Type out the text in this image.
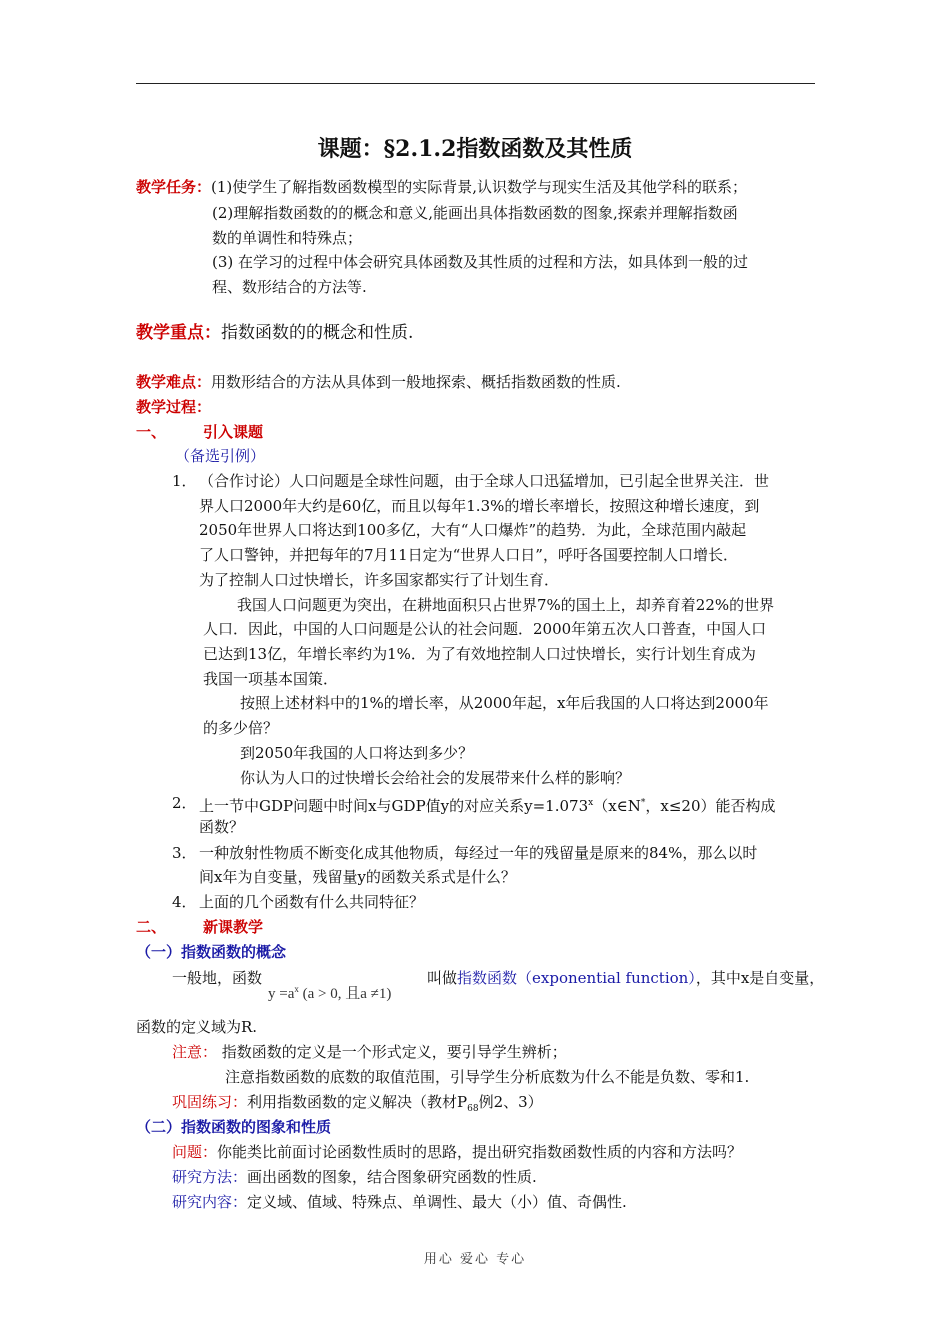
课题：§2.1.2指数函数及其性质
教学任务：(1)使学生了解指数函数模型的实际背景,认识数学与现实生活及其他学科的联系；
(2)理解指数函数的的概念和意义,能画出具体指数函数的图象,探索并理解指数函
数的单调性和特殊点；
(3) 在学习的过程中体会研究具体函数及其性质的过程和方法，如具体到一般的过
程、数形结合的方法等.
教学重点：指数函数的的概念和性质.
教学难点：用数形结合的方法从具体到一般地探索、概括指数函数的性质.
教学过程：
一、 引入课题
（备选引例）
1． （合作讨论）人口问题是全球性问题，由于全球人口迅猛增加，已引起全世界关注．世
界人口2000年大约是60亿，而且以每年1.3%的增长率增长，按照这种增长速度，到
2050年世界人口将达到100多亿，大有“人口爆炸”的趋势．为此，全球范围内敲起
了人口警钟，并把每年的7月11日定为“世界人口日”，呼吁各国要控制人口增长．
为了控制人口过快增长，许多国家都实行了计划生育．
我国人口问题更为突出，在耕地面积只占世界7%的国土上，却养育着22%的世界
人口．因此，中国的人口问题是公认的社会问题．2000年第五次人口普查，中国人口
已达到13亿，年增长率约为1%．为了有效地控制人口过快增长，实行计划生育成为
我国一项基本国策．
按照上述材料中的1%的增长率，从2000年起，x年后我国的人口将达到2000年
的多少倍？
到2050年我国的人口将达到多少？
你认为人口的过快增长会给社会的发展带来什么样的影响？
2． 上一节中GDP问题中时间x与GDP值y的对应关系$y=1.073^x(x\in N^*$，x≤20）能否构成
函数？
3． 一种放射性物质不断变化成其他物质，每经过一年的残留量是原来的84%，那么以时
间x年为自变量，残留量y的函数关系式是什么？
4． 上面的几个函数有什么共同特征？
二、 新课教学
（一）指数函数的概念
一般地，函数
$y =a^x$ (a > 0, 且a ≠1)
叫做指数函数（exponential function），其中x是自变量，
函数的定义域为R.
注意： 指数函数的定义是一个形式定义，要引导学生辨析；
注意指数函数的底数的取值范围，引导学生分析底数为什么不能是负数、零和1.
巩固练习：利用指数函数的定义解决（教材$P_{68}$例2、3）
（二）指数函数的图象和性质
问题：你能类比前面讨论函数性质时的思路，提出研究指数函数性质的内容和方法吗？
研究方法：画出函数的图象，结合图象研究函数的性质.
研究内容：定义域、值域、特殊点、单调性、最大（小）值、奇偶性.
用心 爱心 专心
